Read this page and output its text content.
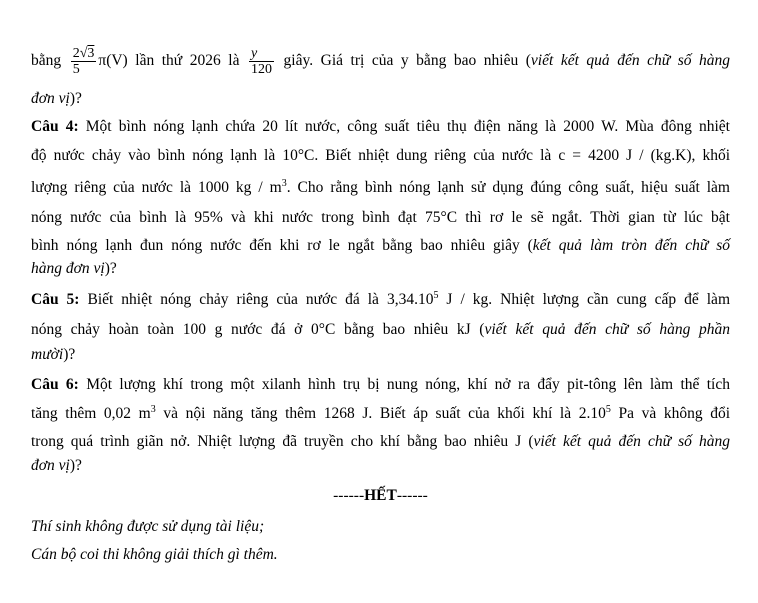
bằng $\frac{2√3}{5} \pi(V)$ lần thứ 2026 là $\frac{y}{120}$ giây. Giá trị của y bằng bao nhiêu (viết kết quả đến chữ số hàng
đơn vị)?
Câu 4: Một bình nóng lạnh chứa 20 lít nước, công suất tiêu thụ điện năng là 2000 W. Mùa đông nhiệt
độ nước chảy vào bình nóng lạnh là 10°C. Biết nhiệt dung riêng của nước là c = 4200 J / (kg.K), khối
lượng riêng của nước là 1000 kg / $m^3$. Cho rằng bình nóng lạnh sử dụng đúng công suất, hiệu suất làm
nóng nước của bình là 95% và khi nước trong bình đạt 75°C thì rơ le sẽ ngắt. Thời gian từ lúc bật
bình nóng lạnh đun nóng nước đến khi rơ le ngắt bằng bao nhiêu giây (kết quả làm tròn đến chữ số
hàng đơn vị)?
Câu 5: Biết nhiệt nóng chảy riêng của nước đá là 3,34.10$^5$ J / kg. Nhiệt lượng cần cung cấp để làm
nóng chảy hoàn toàn 100 g nước đá ở 0°C bằng bao nhiêu kJ (viết kết quả đến chữ số hàng phần
mười)?
Câu 6: Một lượng khí trong một xilanh hình trụ bị nung nóng, khí nở ra đẩy pit-tông lên làm thể tích
tăng thêm 0,02 $m^3$ và nội năng tăng thêm 1268 J. Biết áp suất của khối khí là 2.10$^5$ Pa và không đổi
trong quá trình giãn nở. Nhiệt lượng đã truyền cho khí bằng bao nhiêu J (viết kết quả đến chữ số hàng
đơn vị)?
------HẾT------
Thí sinh không được sử dụng tài liệu;
Cán bộ coi thi không giải thích gì thêm.
